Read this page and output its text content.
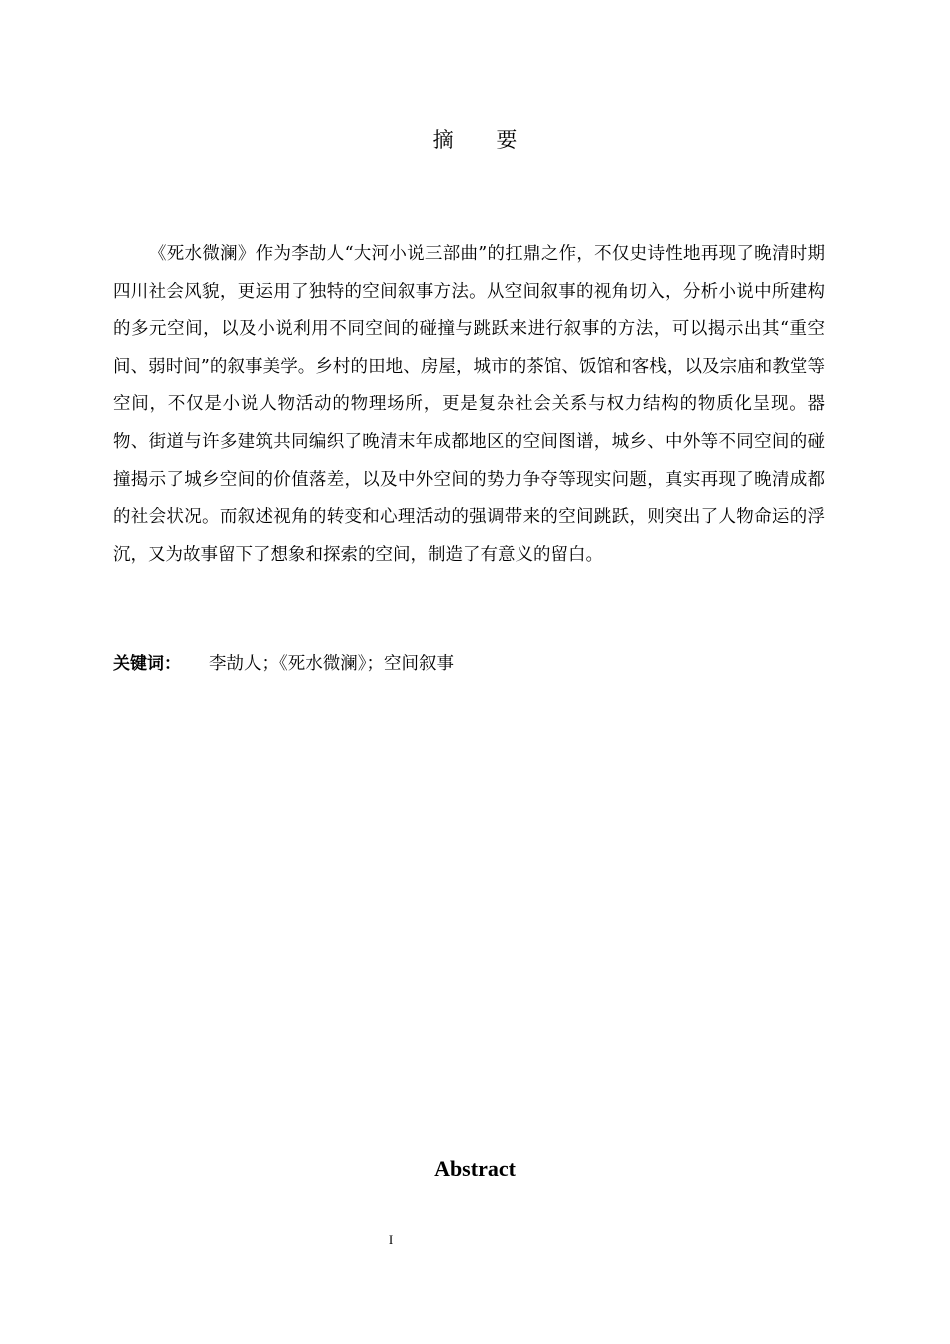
摘 要

《死水微澜》作为李劼人“大河小说三部曲”的扛鼎之作，不仅史诗性地再现了晚清时期四川社会风貌，更运用了独特的空间叙事方法。从空间叙事的视角切入，分析小说中所建构的多元空间，以及小说利用不同空间的碰撞与跳跃来进行叙事的方法，可以揭示出其“重空间、弱时间”的叙事美学。乡村的田地、房屋，城市的茶馆、饭馆和客栈，以及宗庙和教堂等空间，不仅是小说人物活动的物理场所，更是复杂社会关系与权力结构的物质化呈现。器物、街道与许多建筑共同编织了晚清末年成都地区的空间图谱，城乡、中外等不同空间的碰撞揭示了城乡空间的价值落差，以及中外空间的势力争夺等现实问题，真实再现了晚清成都的社会状况。而叙述视角的转变和心理活动的强调带来的空间跳跃，则突出了人物命运的浮沉，又为故事留下了想象和探索的空间，制造了有意义的留白。

关键词： 李劼人；《死水微澜》；空间叙事
Abstract
I
